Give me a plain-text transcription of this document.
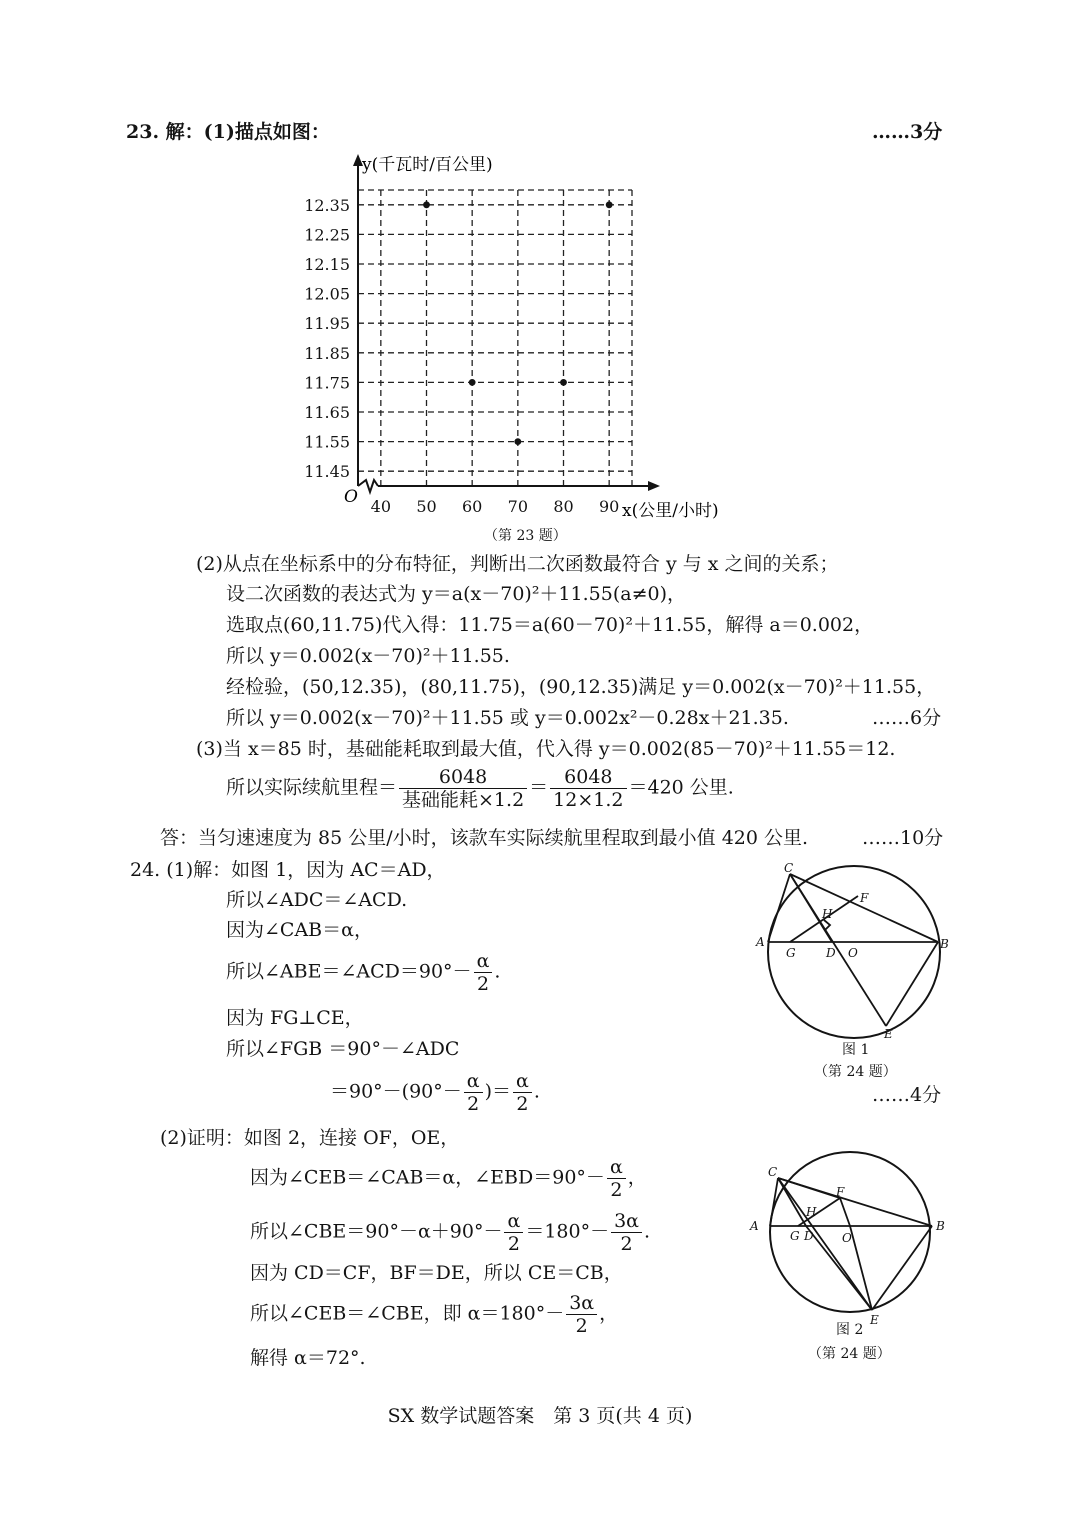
23. 解：(1)描点如图：	……3分
12.35
12.25
12.15
12.05
11.95
11.85
11.75
11.65
11.55
11.45
40 50 60 70 80 90
y(千瓦时/百公里)
x(公里/小时)
O
（第 23 题）
(2)从点在坐标系中的分布特征，判断出二次函数最符合 y 与 x 之间的关系；
设二次函数的表达式为 y＝a(x－70)²＋11.55(a≠0)，
选取点(60,11.75)代入得：11.75＝a(60－70)²＋11.55，解得 a＝0.002，
所以 y＝0.002(x－70)²＋11.55.
经检验，(50,12.35)，(80,11.75)，(90,12.35)满足 y＝0.002(x－70)²＋11.55，
所以 y＝0.002(x－70)²＋11.55 或 y＝0.002x²－0.28x＋21.35.	……6分
(3)当 x＝85 时，基础能耗取到最大值，代入得 y＝0.002(85－70)²＋11.55＝12.
所以实际续航里程＝ $\frac{6048}{\text{基础能耗×1.2}} = \frac{6048}{12\times 1.2} =420$ 公里.
答：当匀速速度为 85 公里/小时，该款车实际续航里程取到最小值 420 公里.	……10分
24. (1)解：如图 1，因为 AC＝AD，
所以∠ADC＝∠ACD.
因为∠CAB＝α，
所以∠ABE＝∠ACD＝90°－ $\frac{\alpha}{2}$ .
因为 FG⊥CE，
所以∠FGB ＝90°－∠ADC
$=90^\circ-(90^\circ- \frac{\alpha}{2}$ )＝ $\frac{\alpha}{2}$ .	……4分
(2)证明：如图 2，连接 OF，OE，
因为∠CEB＝∠CAB＝α，∠EBD＝90°－ $\frac{\alpha}{2}$ ，
所以∠CBE＝90°－α＋90°－ $\frac{\alpha}{2} =180^\circ- \frac{3\alpha}{2}$ .
因为 CD＝CF，BF＝DE，所以 CE＝CB，
所以∠CEB＝∠CBE，即 $\alpha=180^\circ- \frac{3\alpha}{2}$ ，
解得 α＝72°.
C
A	B
F
H
G	D O
E
图 1
（第 24 题）
C
A	B
F
H
G D O
E
图 2
（第 24 题）
SX 数学试题答案　第 3 页(共 4 页)
